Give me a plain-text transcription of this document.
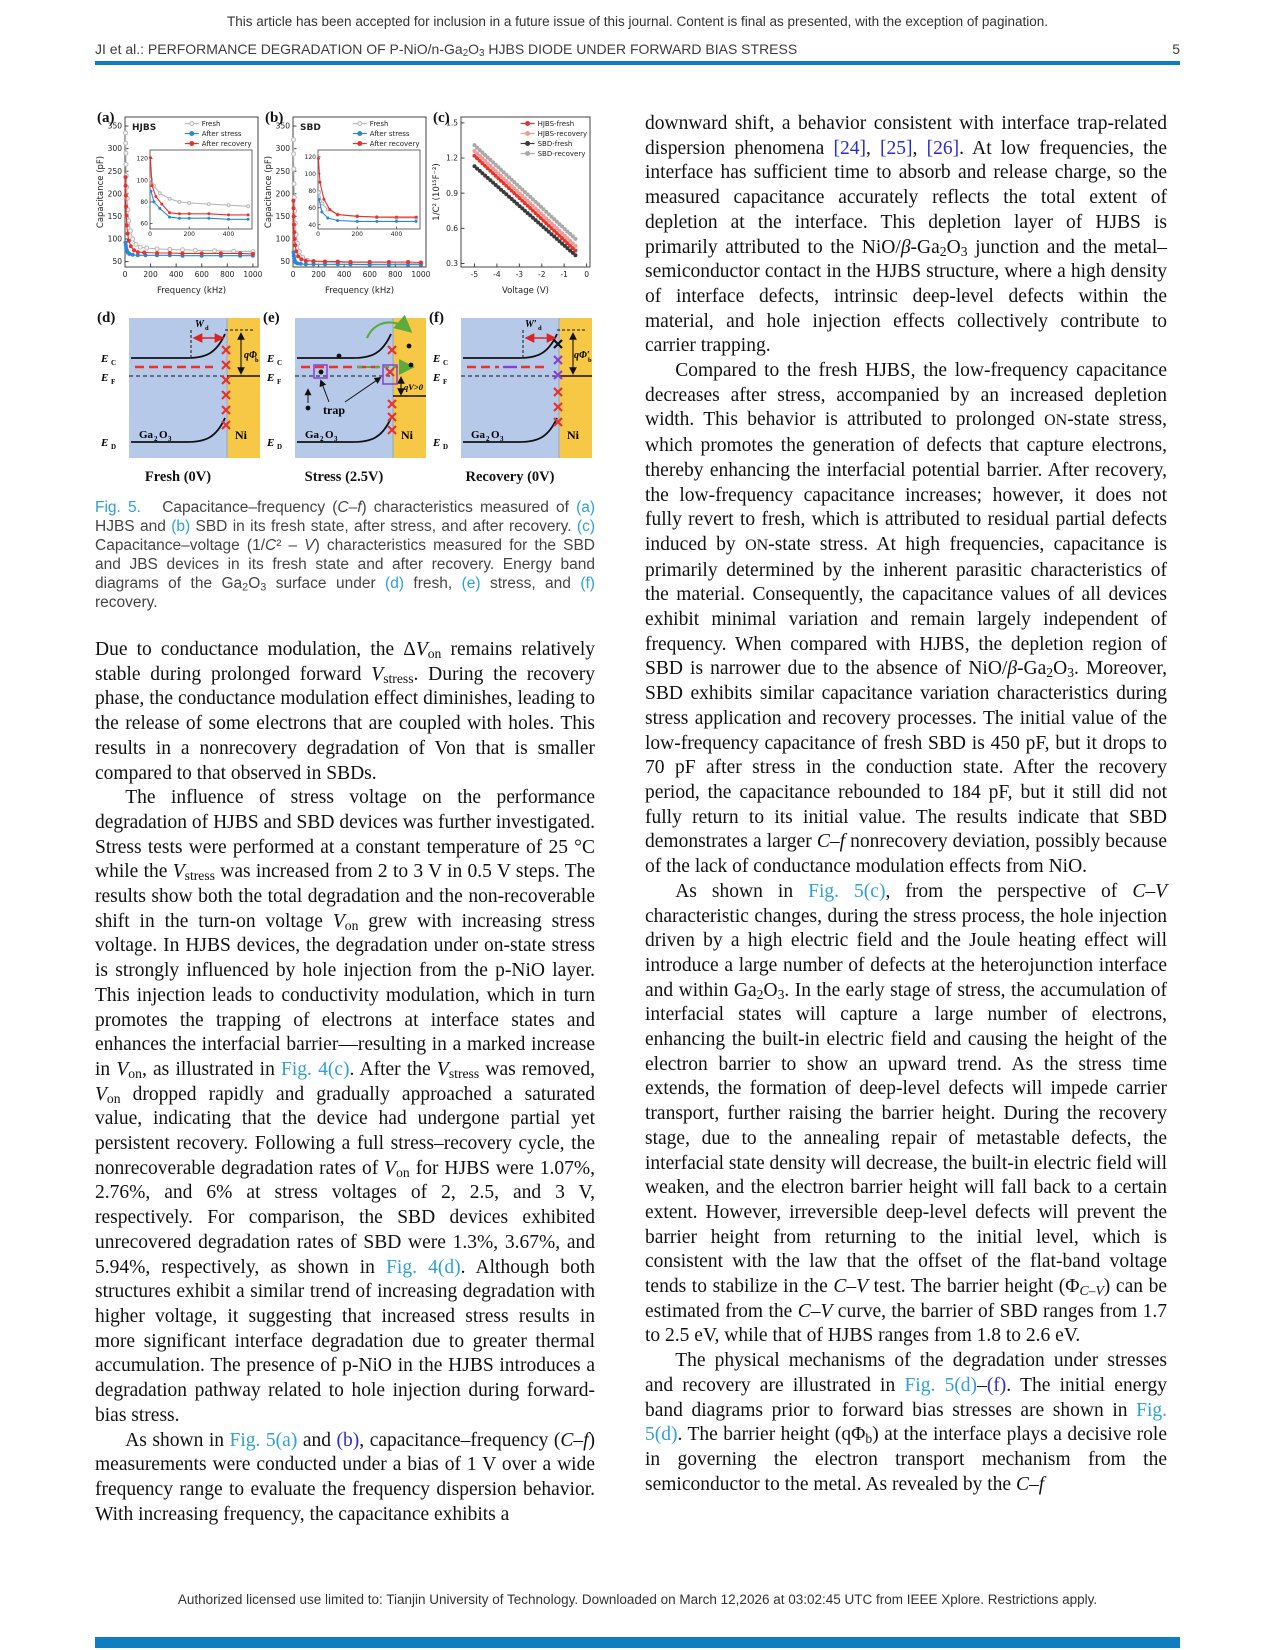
This article has been accepted for inclusion in a future issue of this journal. Content is final as presented, with the exception of pagination.
JI et al.: PERFORMANCE DEGRADATION OF P-NiO/n-Ga2O3 HJBS DIODE UNDER FORWARD BIAS STRESS	5
(a)
0 200 400 600 800 1000
50
100
150
200
250
300
350
Frequency (kHz)
Capacitance (pF)
HJBS	Fresh
After stress
After recovery
0	200	400
60
80
100
120
(b)
0 200 400 600 800 1000
50
100
150
200
250
300
350
Frequency (kHz)
Capacitance (pF)
SBD	Fresh
After stress
After recovery
0	200	400
40
60
80
100
120
(c)
-5 -4 -3 -2 -1 0
0.3
0.6
0.9
1.2
1.5
Voltage (V)
1/C² (10¹⁵F⁻²)
HJBS-fresh
HJBS-recovery
SBD-fresh
SBD-recovery
(d)
E C
E F
E D
Ga 2 O 3	Ni
W d
qΦ
b
Fresh (0V)
(e)
E C
E F
E D
Ga 2 O 3	Ni
trap
qV>0
Stress (2.5V)
(f)
E C
E F
E D
Ga 2 O 3	Ni
W′ d
qΦ′
b
Recovery (0V)
Fig. 5.   Capacitance–frequency (C–f) characteristics measured of (a) HJBS and (b) SBD in its fresh state, after stress, and after recovery. (c) Capacitance–voltage (1/C² – V) characteristics measured for the SBD and JBS devices in its fresh state and after recovery. Energy band diagrams of the Ga2O3 surface under (d) fresh, (e) stress, and (f) recovery.

Due to conductance modulation, the ΔVon remains relatively stable during prolonged forward Vstress. During the recovery phase, the conductance modulation effect diminishes, leading to the release of some electrons that are coupled with holes. This results in a nonrecovery degradation of Von that is smaller compared to that observed in SBDs.

The influence of stress voltage on the performance degradation of HJBS and SBD devices was further investigated. Stress tests were performed at a constant temperature of 25 °C while the Vstress was increased from 2 to 3 V in 0.5 V steps. The results show both the total degradation and the non-recoverable shift in the turn-on voltage Von grew with increasing stress voltage. In HJBS devices, the degradation under on-state stress is strongly influenced by hole injection from the p-NiO layer. This injection leads to conductivity modulation, which in turn promotes the trapping of electrons at interface states and enhances the interfacial barrier—resulting in a marked increase in Von, as illustrated in Fig. 4(c). After the Vstress was removed, Von dropped rapidly and gradually approached a saturated value, indicating that the device had undergone partial yet persistent recovery. Following a full stress–recovery cycle, the nonrecoverable degradation rates of Von for HJBS were 1.07%, 2.76%, and 6% at stress voltages of 2, 2.5, and 3 V, respectively. For comparison, the SBD devices exhibited unrecovered degradation rates of SBD were 1.3%, 3.67%, and 5.94%, respectively, as shown in Fig. 4(d). Although both structures exhibit a similar trend of increasing degradation with higher voltage, it suggesting that increased stress results in more significant interface degradation due to greater thermal accumulation. The presence of p-NiO in the HJBS introduces a degradation pathway related to hole injection during forward-bias stress.

As shown in Fig. 5(a) and (b), capacitance–frequency (C–f) measurements were conducted under a bias of 1 V over a wide frequency range to evaluate the frequency dispersion behavior. With increasing frequency, the capacitance exhibits a

downward shift, a behavior consistent with interface trap-related dispersion phenomena [24], [25], [26]. At low frequencies, the interface has sufficient time to absorb and release charge, so the measured capacitance accurately reflects the total extent of depletion at the interface. This depletion layer of HJBS is primarily attributed to the NiO/β-Ga2O3 junction and the metal–semiconductor contact in the HJBS structure, where a high density of interface defects, intrinsic deep-level defects within the material, and hole injection effects collectively contribute to carrier trapping.

Compared to the fresh HJBS, the low-frequency capacitance decreases after stress, accompanied by an increased depletion width. This behavior is attributed to prolonged ON-state stress, which promotes the generation of defects that capture electrons, thereby enhancing the interfacial potential barrier. After recovery, the low-frequency capacitance increases; however, it does not fully revert to fresh, which is attributed to residual partial defects induced by ON-state stress. At high frequencies, capacitance is primarily determined by the inherent parasitic characteristics of the material. Consequently, the capacitance values of all devices exhibit minimal variation and remain largely independent of frequency. When compared with HJBS, the depletion region of SBD is narrower due to the absence of NiO/β-Ga2O3. Moreover, SBD exhibits similar capacitance variation characteristics during stress application and recovery processes. The initial value of the low-frequency capacitance of fresh SBD is 450 pF, but it drops to 70 pF after stress in the conduction state. After the recovery period, the capacitance rebounded to 184 pF, but it still did not fully return to its initial value. The results indicate that SBD demonstrates a larger C–f nonrecovery deviation, possibly because of the lack of conductance modulation effects from NiO.

As shown in Fig. 5(c), from the perspective of C–V characteristic changes, during the stress process, the hole injection driven by a high electric field and the Joule heating effect will introduce a large number of defects at the heterojunction interface and within Ga2O3. In the early stage of stress, the accumulation of interfacial states will capture a large number of electrons, enhancing the built-in electric field and causing the height of the electron barrier to show an upward trend. As the stress time extends, the formation of deep-level defects will impede carrier transport, further raising the barrier height. During the recovery stage, due to the annealing repair of metastable defects, the interfacial state density will decrease, the built-in electric field will weaken, and the electron barrier height will fall back to a certain extent. However, irreversible deep-level defects will prevent the barrier height from returning to the initial level, which is consistent with the law that the offset of the flat-band voltage tends to stabilize in the C–V test. The barrier height (ΦC–V) can be estimated from the C–V curve, the barrier of SBD ranges from 1.7 to 2.5 eV, while that of HJBS ranges from 1.8 to 2.6 eV.

The physical mechanisms of the degradation under stresses and recovery are illustrated in Fig. 5(d)–(f). The initial energy band diagrams prior to forward bias stresses are shown in Fig. 5(d). The barrier height (qΦb) at the interface plays a decisive role in governing the electron transport mechanism from the semiconductor to the metal. As revealed by the C–f

Authorized licensed use limited to: Tianjin University of Technology. Downloaded on March 12,2026 at 03:02:45 UTC from IEEE Xplore. Restrictions apply.
